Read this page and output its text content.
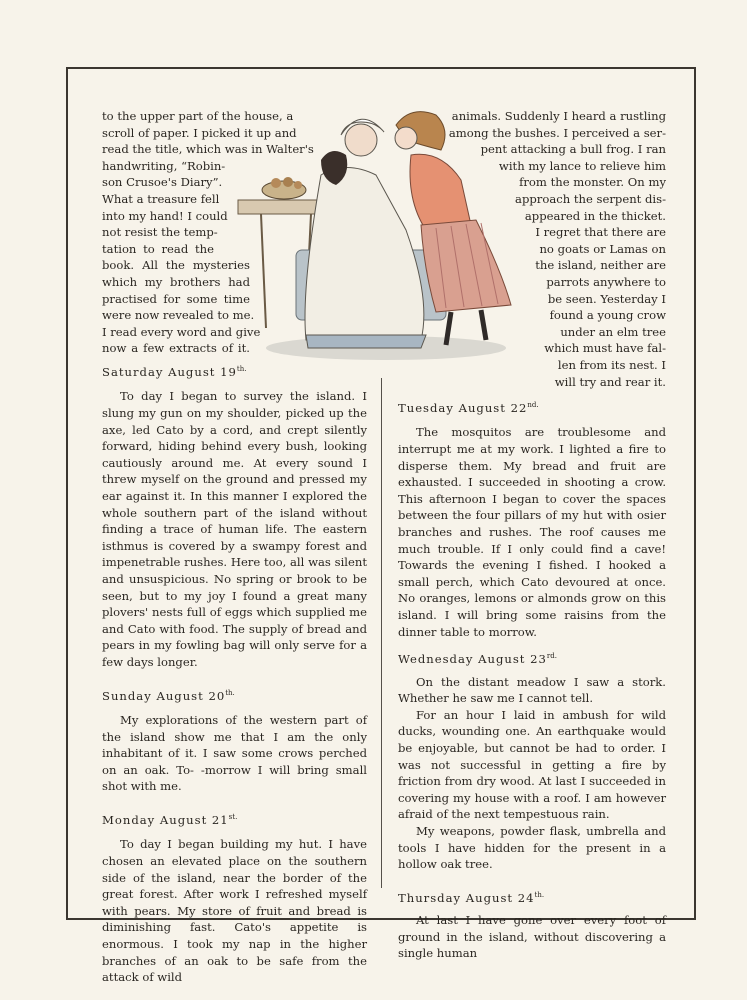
to the upper part of the house, a
scroll of paper. I picked it up and
read the title, which was in Walter's
handwriting, “Robin-
son Crusoe's Diary”.
What a treasure fell
into my hand! I could
not resist the temp-
tation to read the
book. All the mysteries
which my brothers had
practised for some time
were now revealed to me.
I read every word and give
now a few extracts of it.
animals. Suddenly I heard a rustling
among the bushes. I perceived a ser-
pent attacking a bull frog. I ran
with my lance to relieve him
from the monster. On my
approach the serpent dis-
appeared in the thicket.
I regret that there are
no goats or Lamas on
the island, neither are
parrots anywhere to
be seen. Yesterday I
found a young crow
under an elm tree
which must have fal-
len from its nest. I
will try and rear it.

Saturday August $19^{th.}$

To day I began to survey the island. I slung my gun on my shoulder, picked up the axe, led Cato by a cord, and crept silently forward, hiding behind every bush, looking cautiously around me. At every sound I threw myself on the ground and pressed my ear against it. In this manner I explored the whole southern part of the island without finding a trace of human life. The eastern isthmus is covered by a swampy forest and impenetrable rushes. Here too, all was silent and unsuspicious. No spring or brook to be seen, but to my joy I found a great many plovers' nests full of eggs which supplied me and Cato with food. The supply of bread and pears in my fowling bag will only serve for a few days longer.

Sunday August $20^{th.}$

My explorations of the western part of the island show me that I am the only inhabitant of it. I saw some crows perched on an oak. To- -morrow I will bring small shot with me.

Monday August $21^{st.}$

To day I began building my hut. I have chosen an elevated place on the southern side of the island, near the border of the great forest. After work I refreshed myself with pears. My store of fruit and bread is diminishing fast. Cato's appetite is enormous. I took my nap in the higher branches of an oak to be safe from the attack of wild

Tuesday August $22^{nd.}$

The mosquitos are troublesome and interrupt me at my work. I lighted a fire to disperse them. My bread and fruit are exhausted. I succeeded in shooting a crow. This afternoon I began to cover the spaces between the four pillars of my hut with osier branches and rushes. The roof causes me much trouble. If I only could find a cave! Towards the evening I fished. I hooked a small perch, which Cato devoured at once. No oranges, lemons or almonds grow on this island. I will bring some raisins from the dinner table to morrow.

Wednesday August $23^{rd.}$

On the distant meadow I saw a stork. Whether he saw me I cannot tell.

For an hour I laid in ambush for wild ducks, wounding one. An earthquake would be enjoyable, but cannot be had to order. I was not successful in getting a fire by friction from dry wood. At last I succeeded in covering my house with a roof. I am however afraid of the next tempestuous rain.

My weapons, powder flask, umbrella and tools I have hidden for the present in a hollow oak tree.

Thursday August $24^{th.}$

At last I have gone over every foot of ground in the island, without discovering a single human
